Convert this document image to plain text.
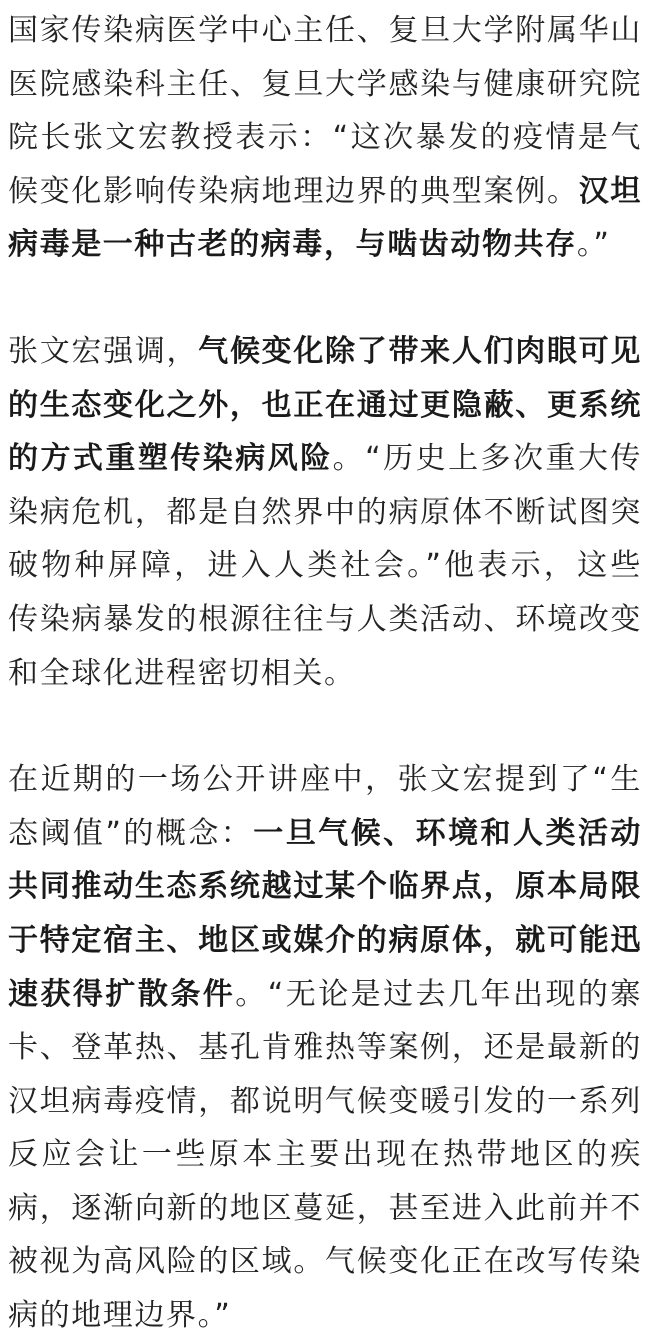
国家传染病医学中心主任、复旦大学附属华山医院感染科主任、复旦大学感染与健康研究院院长张文宏教授表示：“这次暴发的疫情是气候变化影响传染病地理边界的典型案例。汉坦病毒是一种古老的病毒，与啮齿动物共存。”

张文宏强调，气候变化除了带来人们肉眼可见的生态变化之外，也正在通过更隐蔽、更系统的方式重塑传染病风险。“历史上多次重大传染病危机，都是自然界中的病原体不断试图突破物种屏障，进入人类社会。”他表示，这些传染病暴发的根源往往与人类活动、环境改变和全球化进程密切相关。

在近期的一场公开讲座中，张文宏提到了“生态阈值”的概念：一旦气候、环境和人类活动共同推动生态系统越过某个临界点，原本局限于特定宿主、地区或媒介的病原体，就可能迅速获得扩散条件。“无论是过去几年出现的寨卡、登革热、基孔肯雅热等案例，还是最新的汉坦病毒疫情，都说明气候变暖引发的一系列反应会让一些原本主要出现在热带地区的疾病，逐渐向新的地区蔓延，甚至进入此前并不被视为高风险的区域。气候变化正在改写传染病的地理边界。”
